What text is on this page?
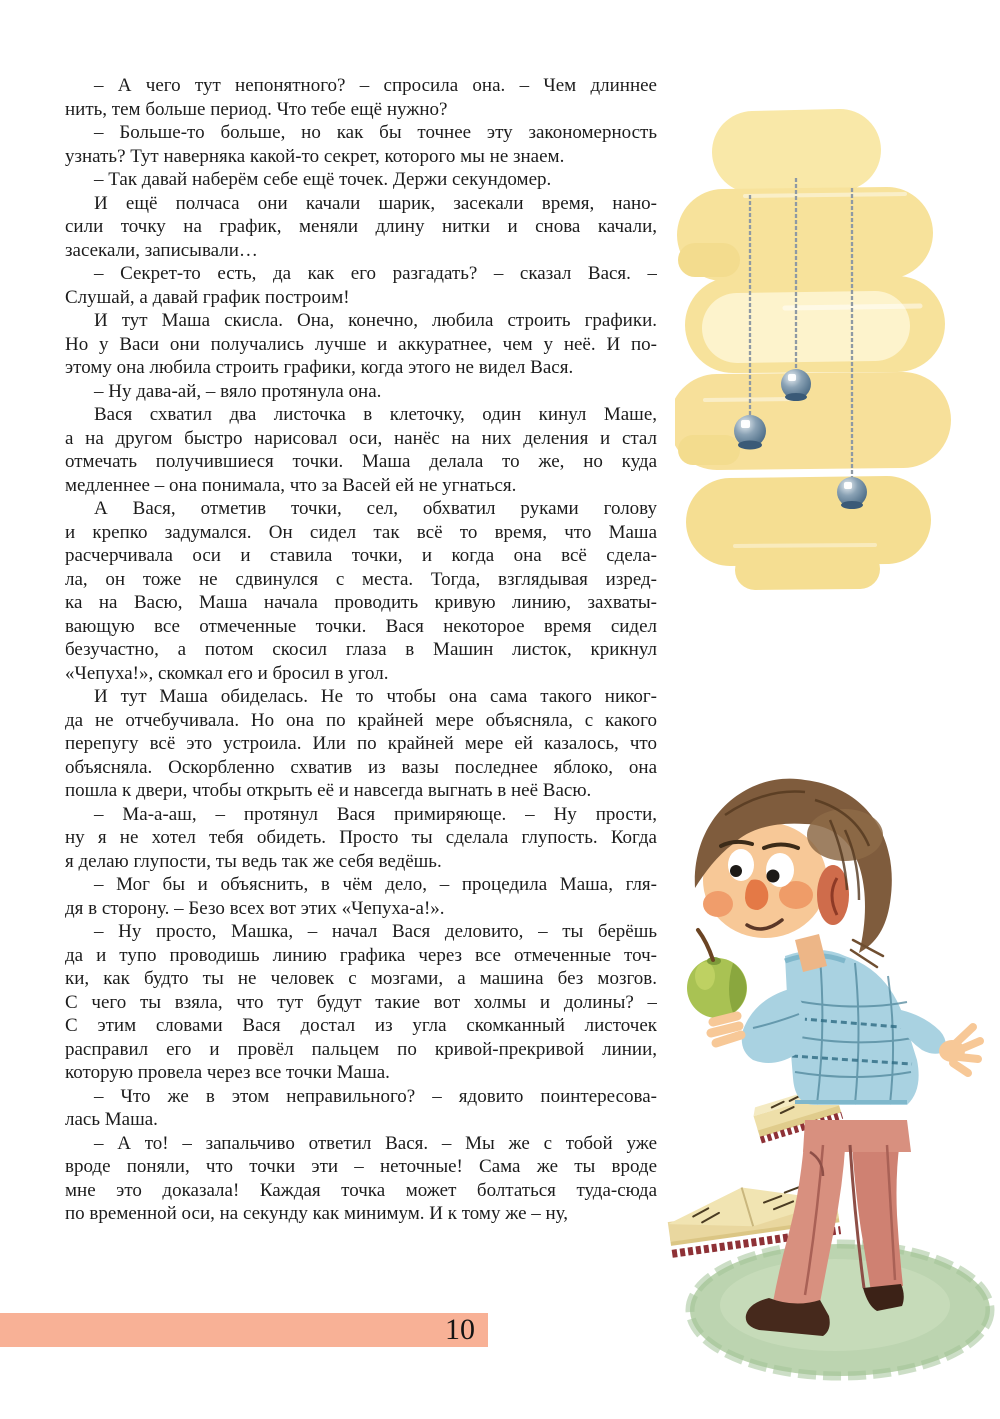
– А чего тут непонятного? – спросила она. – Чем длиннее
нить, тем больше период. Что тебе ещё нужно?
– Больше-то больше, но как бы точнее эту закономерность
узнать? Тут наверняка какой-то секрет, которого мы не знаем.
– Так давай наберём себе ещё точек. Держи секундомер.
И ещё полчаса они качали шарик, засекали время, нано-
сили точку на график, меняли длину нитки и снова качали,
засекали, записывали…
– Секрет-то есть, да как его разгадать? – сказал Вася. –
Слушай, а давай график построим!
И тут Маша скисла. Она, конечно, любила строить графики.
Но у Васи они получались лучше и аккуратнее, чем у неё. И по-
этому она любила строить графики, когда этого не видел Вася.
– Ну дава-ай, – вяло протянула она.
Вася схватил два листочка в клеточку, один кинул Маше,
а на другом быстро нарисовал оси, нанёс на них деления и стал
отмечать получившиеся точки. Маша делала то же, но куда
медленнее – она понимала, что за Васей ей не угнаться.
А Вася, отметив точки, сел, обхватил руками голову
и крепко задумался. Он сидел так всё то время, что Маша
расчерчивала оси и ставила точки, и когда она всё сдела-
ла, он тоже не сдвинулся с места. Тогда, взглядывая изред-
ка на Васю, Маша начала проводить кривую линию, захваты-
вающую все отмеченные точки. Вася некоторое время сидел
безучастно, а потом скосил глаза в Машин листок, крикнул
«Чепуха!», скомкал его и бросил в угол.
И тут Маша обиделась. Не то чтобы она сама такого никог-
да не отчебучивала. Но она по крайней мере объясняла, с какого
перепугу всё это устроила. Или по крайней мере ей казалось, что
объясняла. Оскорбленно схватив из вазы последнее яблоко, она
пошла к двери, чтобы открыть её и навсегда выгнать в неё Васю.
– Ма-а-аш, – протянул Вася примиряюще. – Ну прости,
ну я не хотел тебя обидеть. Просто ты сделала глупость. Когда
я делаю глупости, ты ведь так же себя ведёшь.
– Мог бы и объяснить, в чём дело, – процедила Маша, гля-
дя в сторону. – Безо всех вот этих «Чепуха-а!».
– Ну просто, Машка, – начал Вася деловито, – ты берёшь
да и тупо проводишь линию графика через все отмеченные точ-
ки, как будто ты не человек с мозгами, а машина без мозгов.
С чего ты взяла, что тут будут такие вот холмы и долины? –
С этим словами Вася достал из угла скомканный листочек
расправил его и провёл пальцем по кривой-прекривой линии,
которую провела через все точки Маша.
– Что же в этом неправильного? – ядовито поинтересова-
лась Маша.
– А то! – запальчиво ответил Вася. – Мы же с тобой уже
вроде поняли, что точки эти – неточные! Сама же ты вроде
мне это доказала! Каждая точка может болтаться туда-сюда
по временной оси, на секунду как минимум. И к тому же – ну,
10
